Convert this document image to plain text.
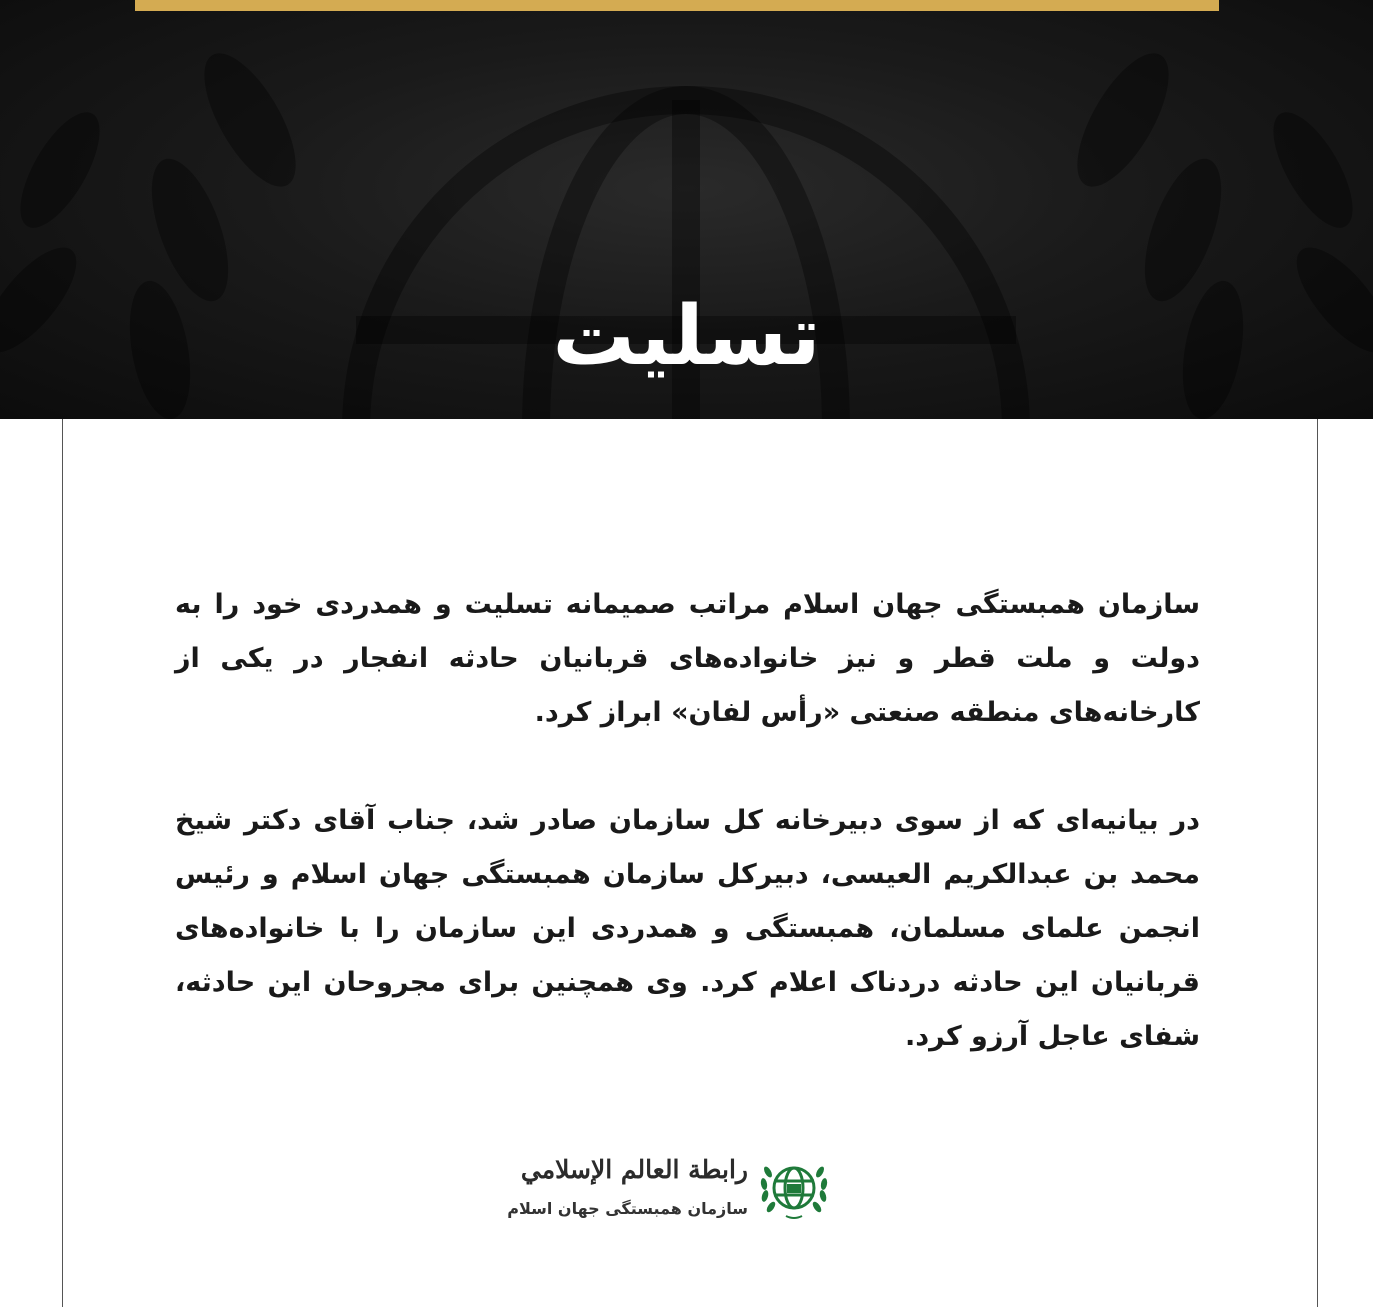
تسلیت

سازمان همبستگی جهان اسلام مراتب صمیمانه تسلیت و همدردی خود را به دولت و ملت قطر و نیز خانواده‌های قربانیان حادثه انفجار در یکی از کارخانه‌های منطقه صنعتی «رأس لفان» ابراز کرد.

در بیانیه‌ای که از سوی دبیرخانه کل سازمان صادر شد، جناب آقای دکتر شیخ محمد بن عبدالکریم العیسی، دبیرکل سازمان همبستگی جهان اسلام و رئیس انجمن علمای مسلمان، همبستگی و همدردی این سازمان را با خانواده‌های قربانیان این حادثه دردناک اعلام کرد. وی همچنین برای مجروحان این حادثه، شفای عاجل آرزو کرد.

رابطة العالم الإسلامي
سازمان همبستگی جهان اسلام
